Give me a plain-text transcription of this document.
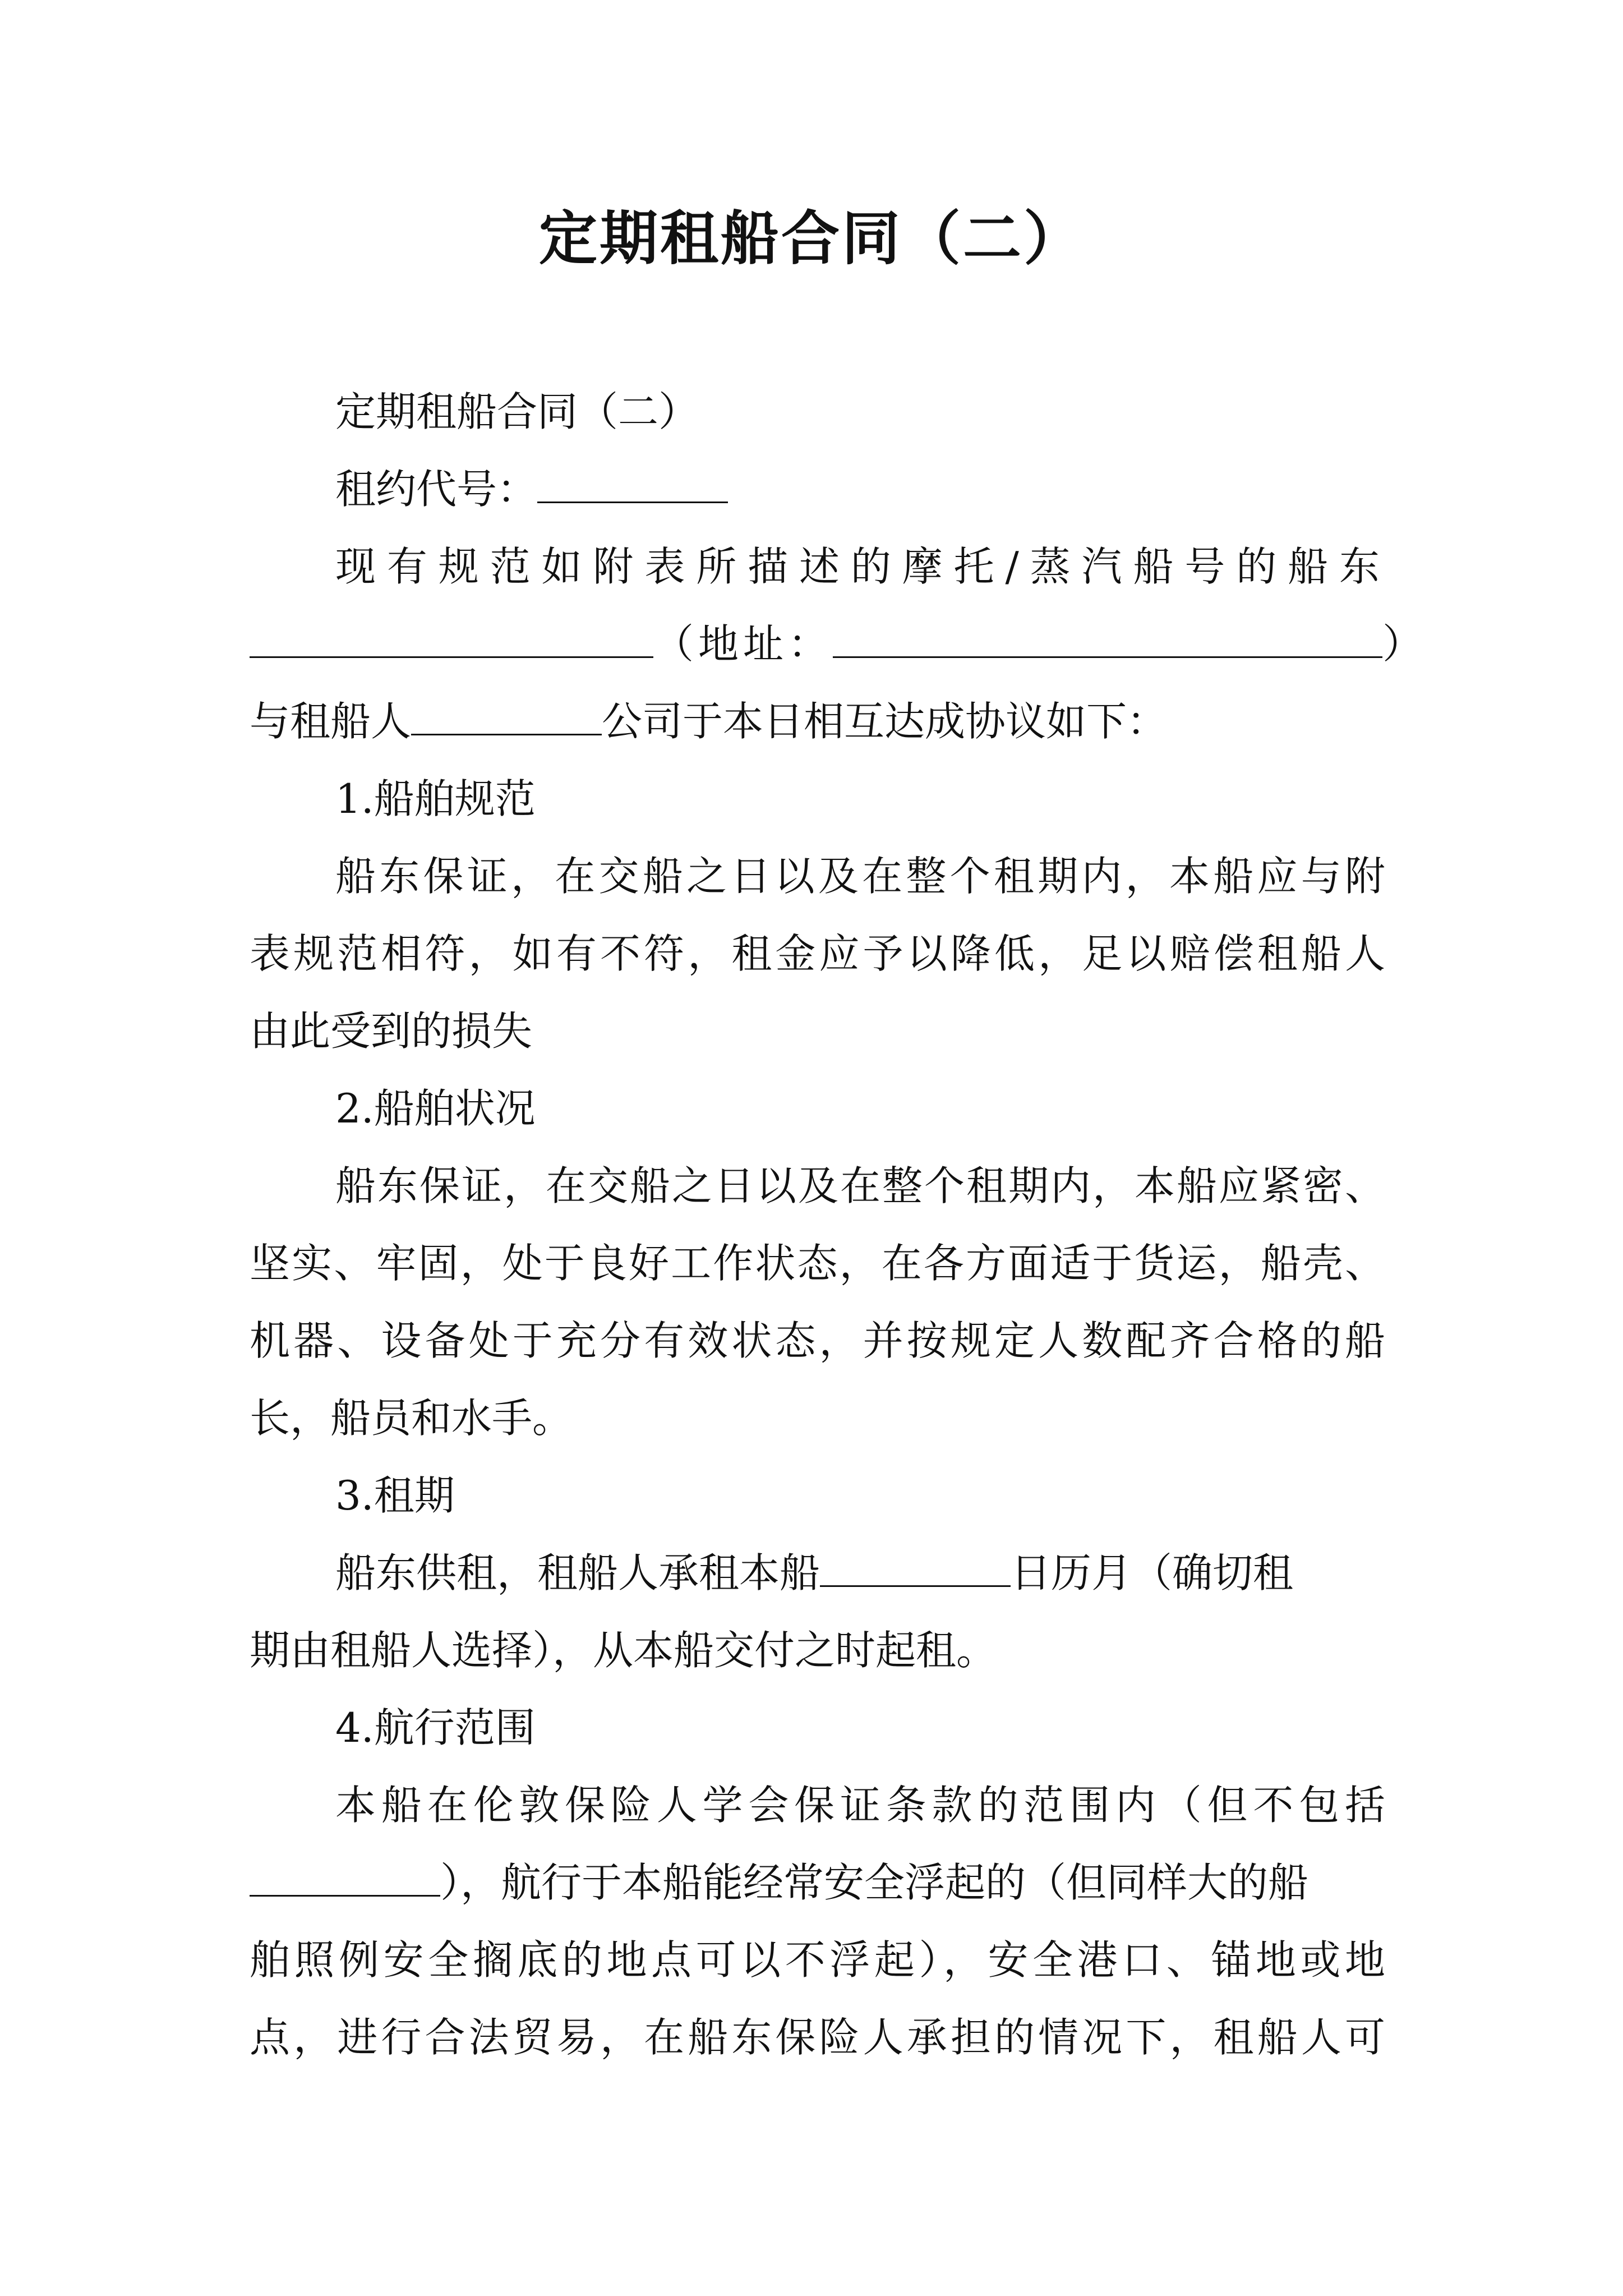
定期租船合同（二）
定期租船合同（二）
租约代号：
现有规范如附表所描述的摩托/蒸汽船号的船东
（地址：	）
与租船人	公司于本日相互达成协议如下：
1.船舶规范
船东保证，在交船之日以及在整个租期内，本船应与附
表规范相符，如有不符，租金应予以降低，足以赔偿租船人
由此受到的损失
2.船舶状况
船东保证，在交船之日以及在整个租期内，本船应紧密、
坚实、牢固，处于良好工作状态，在各方面适于货运，船壳、
机器、设备处于充分有效状态，并按规定人数配齐合格的船
长，船员和水手。
3.租期
船东供租，租船人承租本船	日历月（确切租
期由租船人选择），从本船交付之时起租。
4.航行范围
本船在伦敦保险人学会保证条款的范围内（但不包括
），航行于本船能经常安全浮起的（但同样大的船
舶照例安全搁底的地点可以不浮起），安全港口、锚地或地
点，进行合法贸易，在船东保险人承担的情况下，租船人可
